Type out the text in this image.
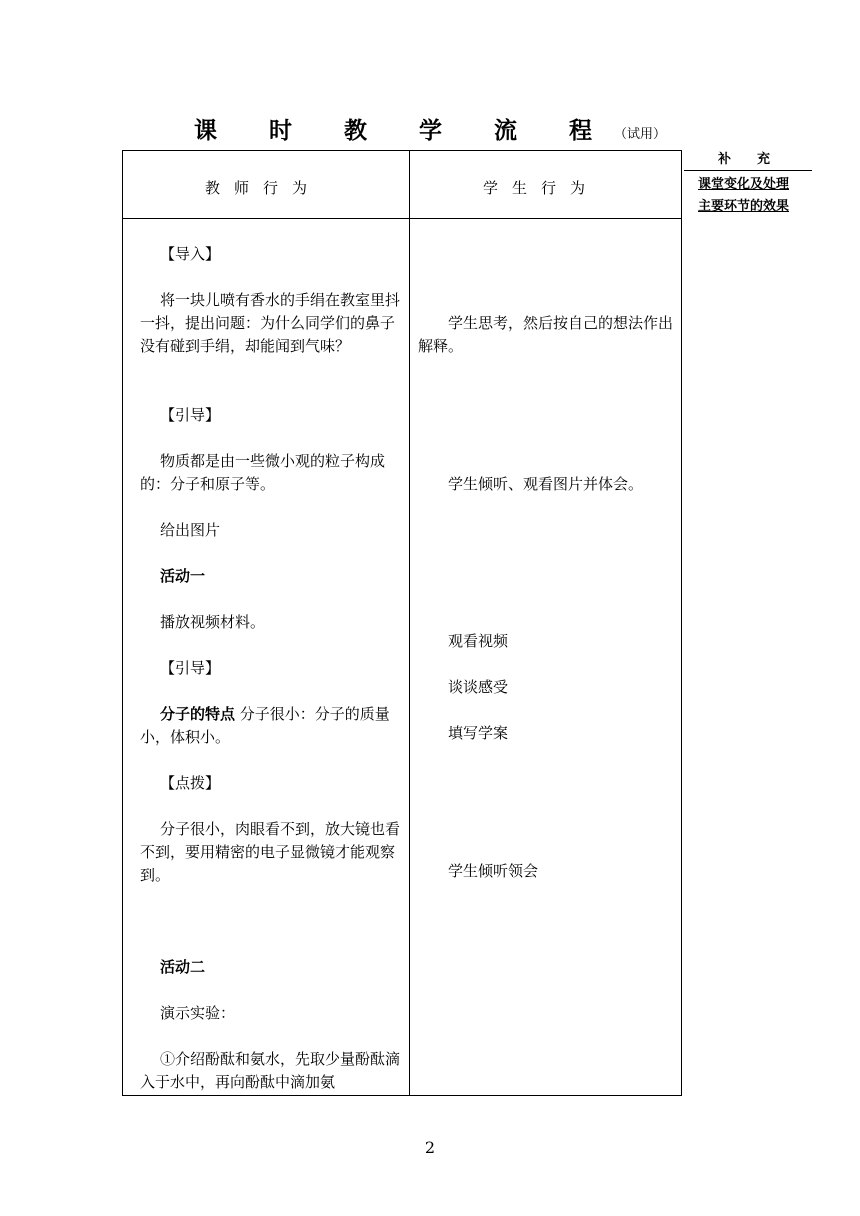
课 时 教 学 流 程（试用）
教师行为	学生行为
补充
课堂变化及处理
主要环节的效果
【导入】
将一块儿喷有香水的手绢在教室里抖一抖，提出问题：为什么同学们的鼻子没有碰到手绢，却能闻到气味？
【引导】
物质都是由一些微小观的粒子构成的：分子和原子等。
给出图片
活动一
播放视频材料。
【引导】
分子的特点 分子很小：分子的质量小，体积小。
【点拨】
分子很小，肉眼看不到，放大镜也看不到，要用精密的电子显微镜才能观察到。
活动二
演示实验：
①介绍酚酞和氨水，先取少量酚酞滴入于水中，再向酚酞中滴加氨
学生思考，然后按自己的想法作出解释。
学生倾听、观看图片并体会。
观看视频
谈谈感受
填写学案
学生倾听领会
2
